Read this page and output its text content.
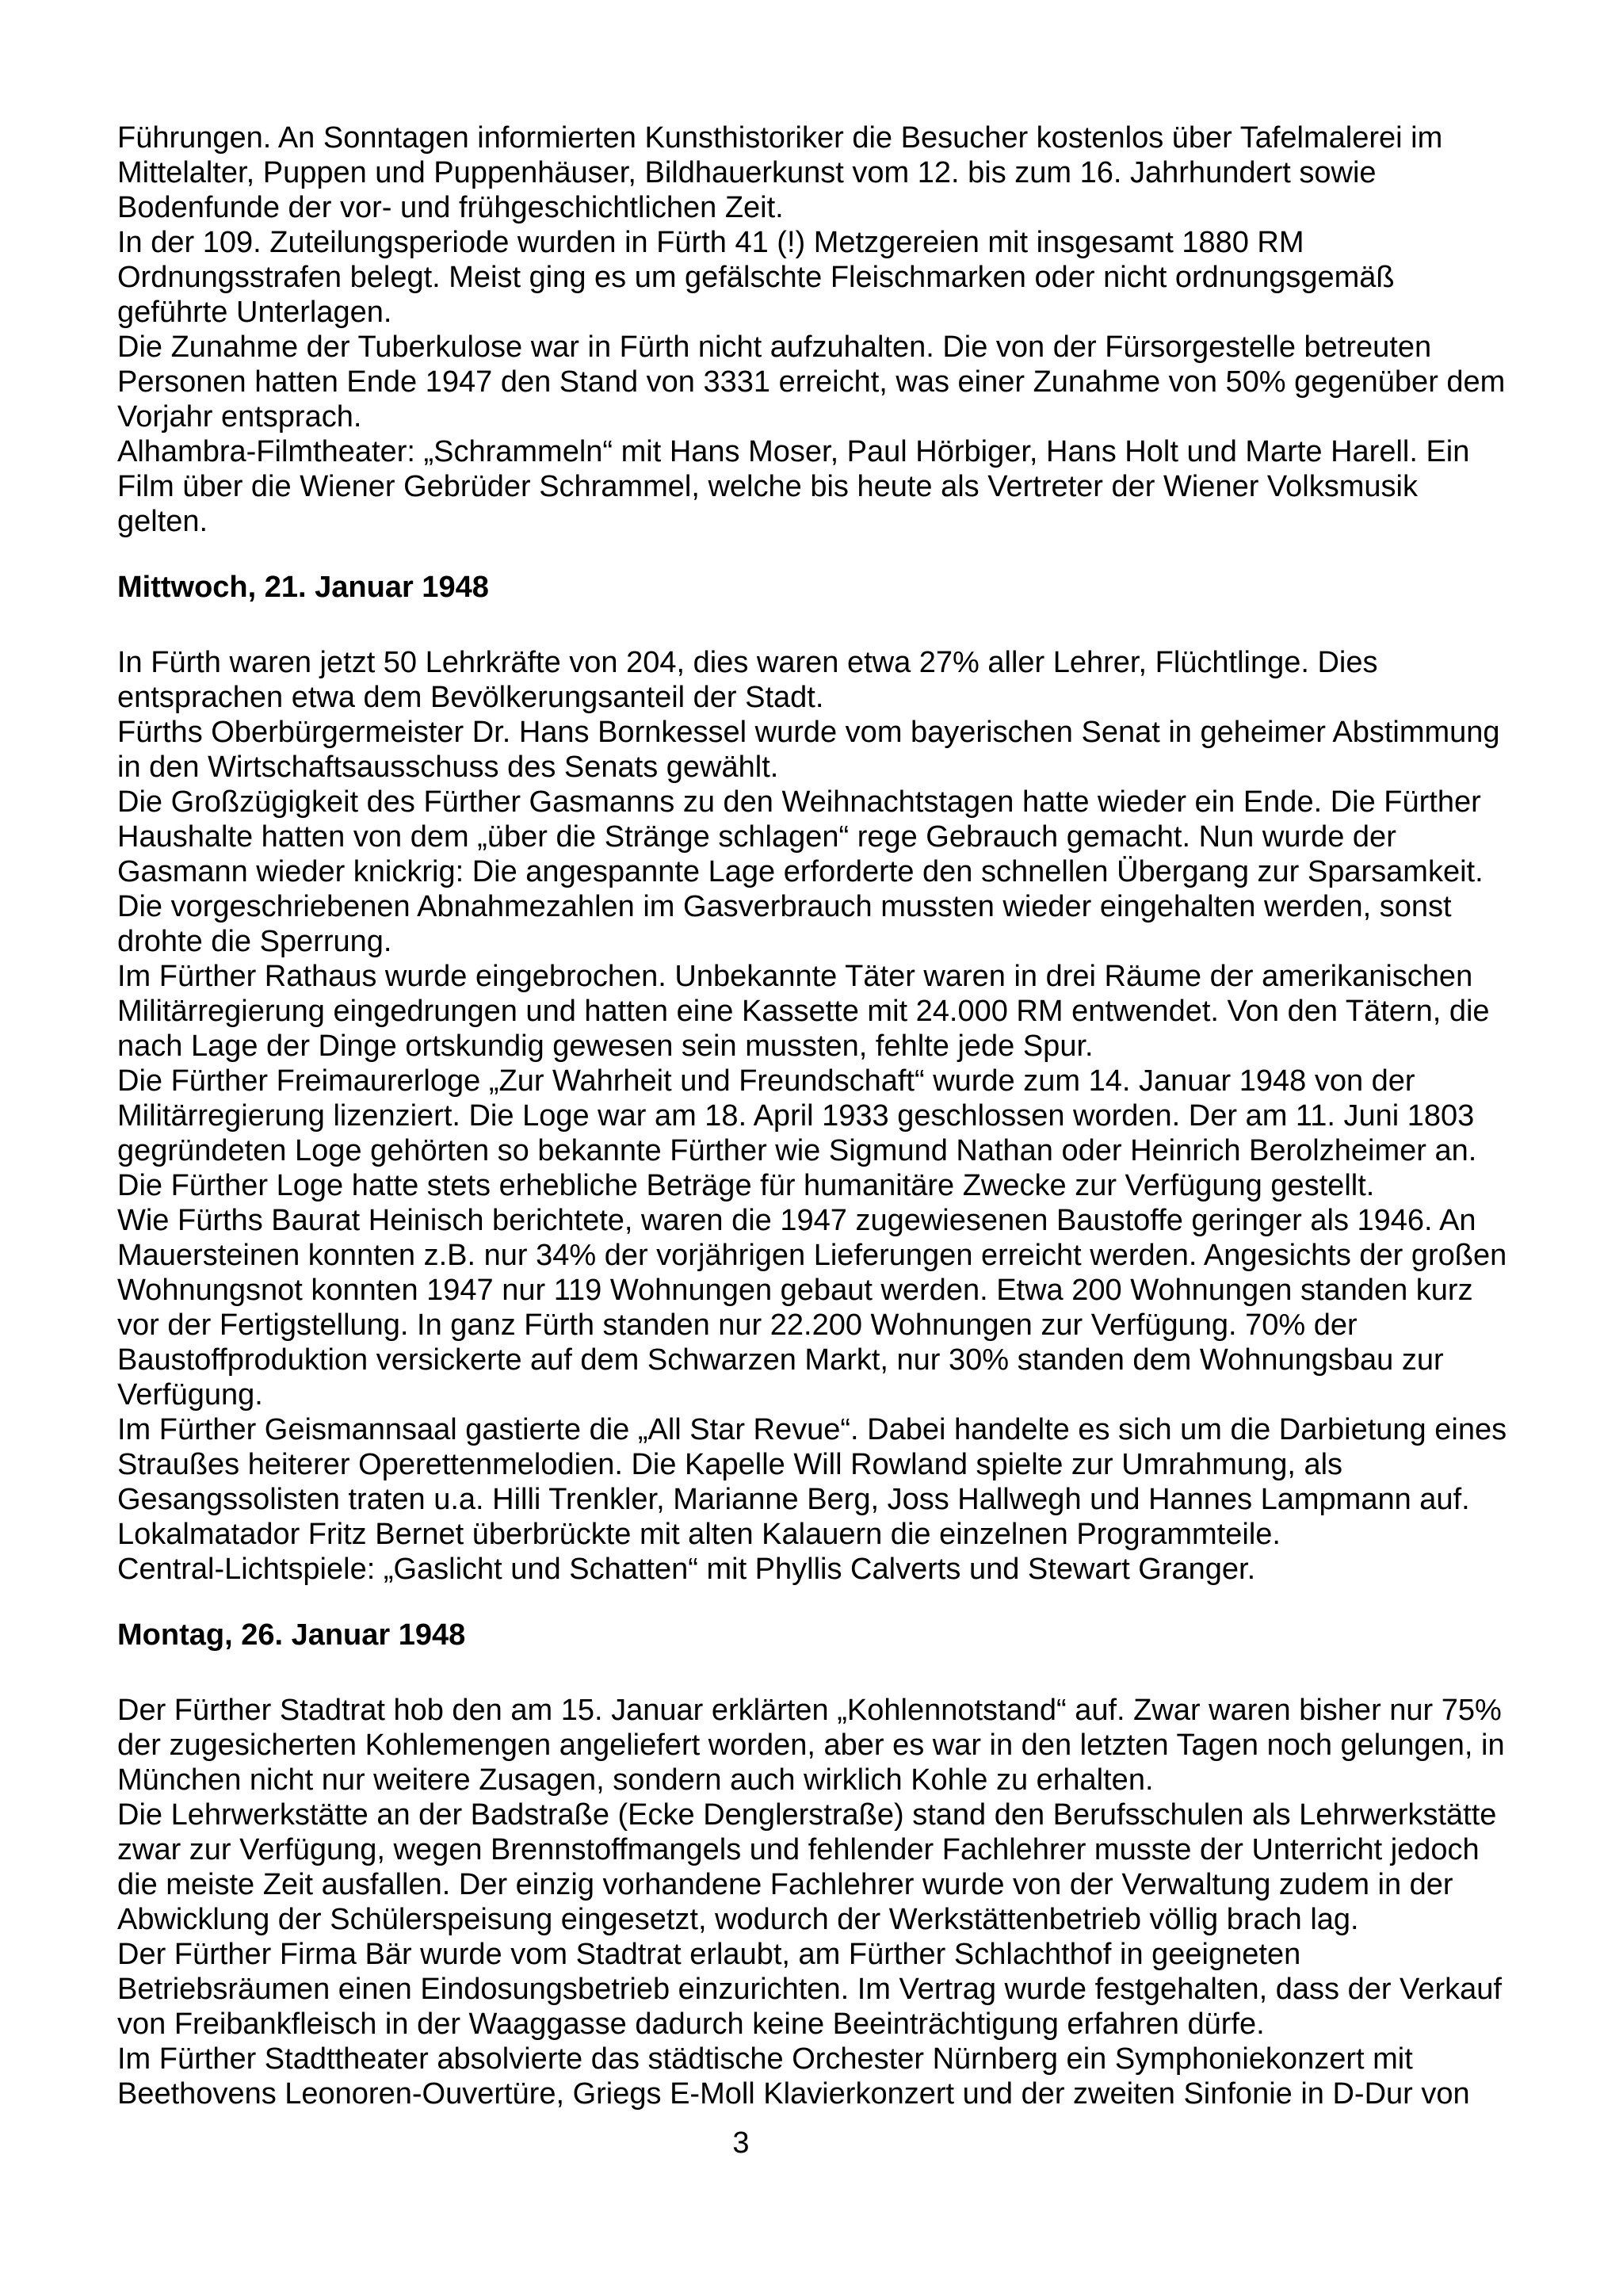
Führungen. An Sonntagen informierten Kunsthistoriker die Besucher kostenlos über Tafelmalerei im Mittelalter, Puppen und Puppenhäuser, Bildhauerkunst vom 12. bis zum 16. Jahrhundert sowie Bodenfunde der vor- und frühgeschichtlichen Zeit.

In der 109. Zuteilungsperiode wurden in Fürth 41 (!) Metzgereien mit insgesamt 1880 RM Ordnungsstrafen belegt. Meist ging es um gefälschte Fleischmarken oder nicht ordnungsgemäß geführte Unterlagen.

Die Zunahme der Tuberkulose war in Fürth nicht aufzuhalten. Die von der Fürsorgestelle betreuten Personen hatten Ende 1947 den Stand von 3331 erreicht, was einer Zunahme von 50% gegenüber dem Vorjahr entsprach.

Alhambra-Filmtheater: „Schrammeln“ mit Hans Moser, Paul Hörbiger, Hans Holt und Marte Harell. Ein Film über die Wiener Gebrüder Schrammel, welche bis heute als Vertreter der Wiener Volksmusik gelten.

Mittwoch, 21. Januar 1948

In Fürth waren jetzt 50 Lehrkräfte von 204, dies waren etwa 27% aller Lehrer, Flüchtlinge. Dies entsprachen etwa dem Bevölkerungsanteil der Stadt.

Fürths Oberbürgermeister Dr. Hans Bornkessel wurde vom bayerischen Senat in geheimer Abstimmung in den Wirtschaftsausschuss des Senats gewählt.

Die Großzügigkeit des Fürther Gasmanns zu den Weihnachtstagen hatte wieder ein Ende. Die Fürther Haushalte hatten von dem „über die Stränge schlagen“ rege Gebrauch gemacht. Nun wurde der Gasmann wieder knickrig: Die angespannte Lage erforderte den schnellen Übergang zur Sparsamkeit. Die vorgeschriebenen Abnahmezahlen im Gasverbrauch mussten wieder eingehalten werden, sonst drohte die Sperrung.

Im Fürther Rathaus wurde eingebrochen. Unbekannte Täter waren in drei Räume der amerikanischen Militärregierung eingedrungen und hatten eine Kassette mit 24.000 RM entwendet. Von den Tätern, die nach Lage der Dinge ortskundig gewesen sein mussten, fehlte jede Spur.

Die Fürther Freimaurerloge „Zur Wahrheit und Freundschaft“ wurde zum 14. Januar 1948 von der Militärregierung lizenziert. Die Loge war am 18. April 1933 geschlossen worden. Der am 11. Juni 1803 gegründeten Loge gehörten so bekannte Fürther wie Sigmund Nathan oder Heinrich Berolzheimer an. Die Fürther Loge hatte stets erhebliche Beträge für humanitäre Zwecke zur Verfügung gestellt.

Wie Fürths Baurat Heinisch berichtete, waren die 1947 zugewiesenen Baustoffe geringer als 1946. An Mauersteinen konnten z.B. nur 34% der vorjährigen Lieferungen erreicht werden. Angesichts der großen Wohnungsnot konnten 1947 nur 119 Wohnungen gebaut werden. Etwa 200 Wohnungen standen kurz vor der Fertigstellung. In ganz Fürth standen nur 22.200 Wohnungen zur Verfügung. 70% der Baustoffproduktion versickerte auf dem Schwarzen Markt, nur 30% standen dem Wohnungsbau zur Verfügung.

Im Fürther Geismannsaal gastierte die „All Star Revue“. Dabei handelte es sich um die Darbietung eines Straußes heiterer Operettenmelodien. Die Kapelle Will Rowland spielte zur Umrahmung, als Gesangssolisten traten u.a. Hilli Trenkler, Marianne Berg, Joss Hallwegh und Hannes Lampmann auf. Lokalmatador Fritz Bernet überbrückte mit alten Kalauern die einzelnen Programmteile.

Central-Lichtspiele: „Gaslicht und Schatten“ mit Phyllis Calverts und Stewart Granger.

Montag, 26. Januar 1948

Der Fürther Stadtrat hob den am 15. Januar erklärten „Kohlennotstand“ auf. Zwar waren bisher nur 75% der zugesicherten Kohlemengen angeliefert worden, aber es war in den letzten Tagen noch gelungen, in München nicht nur weitere Zusagen, sondern auch wirklich Kohle zu erhalten.

Die Lehrwerkstätte an der Badstraße (Ecke Denglerstraße) stand den Berufsschulen als Lehrwerkstätte zwar zur Verfügung, wegen Brennstoffmangels und fehlender Fachlehrer musste der Unterricht jedoch die meiste Zeit ausfallen. Der einzig vorhandene Fachlehrer wurde von der Verwaltung zudem in der Abwicklung der Schülerspeisung eingesetzt, wodurch der Werkstättenbetrieb völlig brach lag.

Der Fürther Firma Bär wurde vom Stadtrat erlaubt, am Fürther Schlachthof in geeigneten Betriebsräumen einen Eindosungsbetrieb einzurichten. Im Vertrag wurde festgehalten, dass der Verkauf von Freibankfleisch in der Waaggasse dadurch keine Beeinträchtigung erfahren dürfe.

Im Fürther Stadttheater absolvierte das städtische Orchester Nürnberg ein Symphoniekonzert mit Beethovens Leonoren-Ouvertüre, Griegs E-Moll Klavierkonzert und der zweiten Sinfonie in D-Dur von

3
